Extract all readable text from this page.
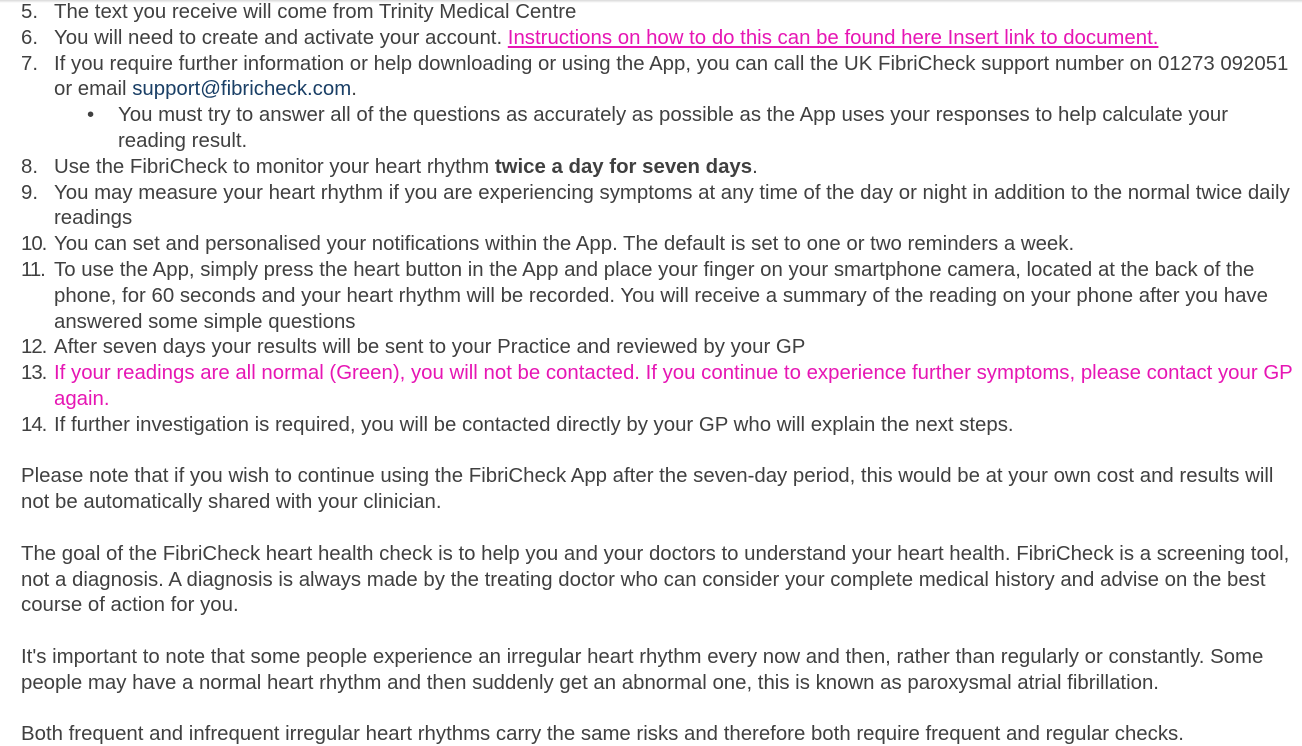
5. The text you receive will come from Trinity Medical Centre
6. You will need to create and activate your account. Instructions on how to do this can be found here Insert link to document.
7. If you require further information or help downloading or using the App, you can call the UK FibriCheck support number on 01273 092051 or email support@fibricheck.com.
• You must try to answer all of the questions as accurately as possible as the App uses your responses to help calculate your reading result.
8. Use the FibriCheck to monitor your heart rhythm twice a day for seven days.
9. You may measure your heart rhythm if you are experiencing symptoms at any time of the day or night in addition to the normal twice daily readings
10. You can set and personalised your notifications within the App. The default is set to one or two reminders a week.
11. To use the App, simply press the heart button in the App and place your finger on your smartphone camera, located at the back of the phone, for 60 seconds and your heart rhythm will be recorded. You will receive a summary of the reading on your phone after you have answered some simple questions
12. After seven days your results will be sent to your Practice and reviewed by your GP
13. If your readings are all normal (Green), you will not be contacted. If you continue to experience further symptoms, please contact your GP again.
14. If further investigation is required, you will be contacted directly by your GP who will explain the next steps.

Please note that if you wish to continue using the FibriCheck App after the seven-day period, this would be at your own cost and results will not be automatically shared with your clinician.

The goal of the FibriCheck heart health check is to help you and your doctors to understand your heart health. FibriCheck is a screening tool, not a diagnosis. A diagnosis is always made by the treating doctor who can consider your complete medical history and advise on the best course of action for you.

It's important to note that some people experience an irregular heart rhythm every now and then, rather than regularly or constantly. Some people may have a normal heart rhythm and then suddenly get an abnormal one, this is known as paroxysmal atrial fibrillation.

Both frequent and infrequent irregular heart rhythms carry the same risks and therefore both require frequent and regular checks.
